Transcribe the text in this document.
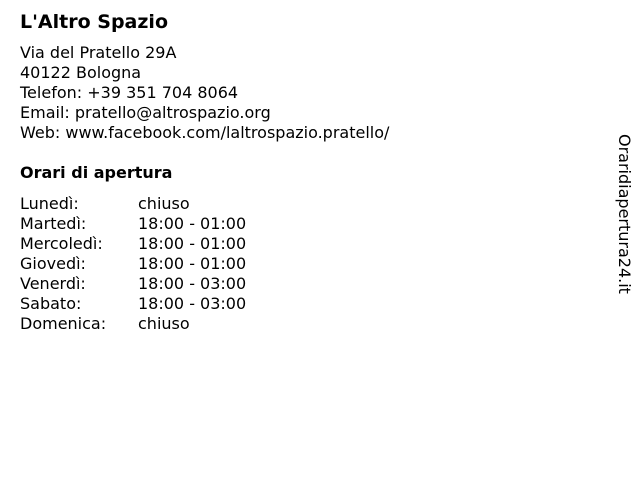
L'Altro Spazio
Via del Pratello 29A
40122 Bologna
Telefon: +39 351 704 8064
Email: pratello@altrospazio.org
Web: www.facebook.com/laltrospazio.pratello/
Orari di apertura
Lunedì:	chiuso
Martedì:	18:00 - 01:00
Mercoledì: 18:00 - 01:00
Giovedì:	18:00 - 01:00
Venerdì:	18:00 - 03:00
Sabato:	18:00 - 03:00
Domenica: chiuso
Oraridiapertura24.it
